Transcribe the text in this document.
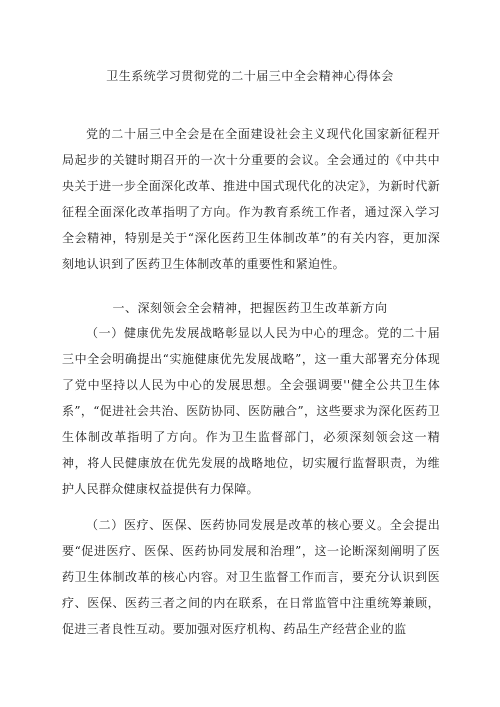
卫生系统学习贯彻党的二十届三中全会精神心得体会
党的二十届三中全会是在全面建设社会主义现代化国家新征程开局起步的关键时期召开的一次十分重要的会议。全会通过的《中共中央关于进一步全面深化改革、推进中国式现代化的决定》，为新时代新征程全面深化改革指明了方向。作为教育系统工作者，通过深入学习全会精神，特别是关于“深化医药卫生体制改革”的有关内容，更加深刻地认识到了医药卫生体制改革的重要性和紧迫性。
一、深刻领会全会精神，把握医药卫生改革新方向
（一）健康优先发展战略彰显以人民为中心的理念。党的二十届三中全会明确提出“实施健康优先发展战略”，这一重大部署充分体现了党中坚持以人民为中心的发展思想。全会强调要''健全公共卫生体系”，“促进社会共治、医防协同、医防融合”，这些要求为深化医药卫生体制改革指明了方向。作为卫生监督部门，必须深刻领会这一精神，将人民健康放在优先发展的战略地位，切实履行监督职责，为维护人民群众健康权益提供有力保障。
（二）医疗、医保、医药协同发展是改革的核心要义。全会提出要“促进医疗、医保、医药协同发展和治理”，这一论断深刻阐明了医药卫生体制改革的核心内容。对卫生监督工作而言，要充分认识到医疗、医保、医药三者之间的内在联系，在日常监管中注重统筹兼顾，促进三者良性互动。要加强对医疗机构、药品生产经营企业的监
